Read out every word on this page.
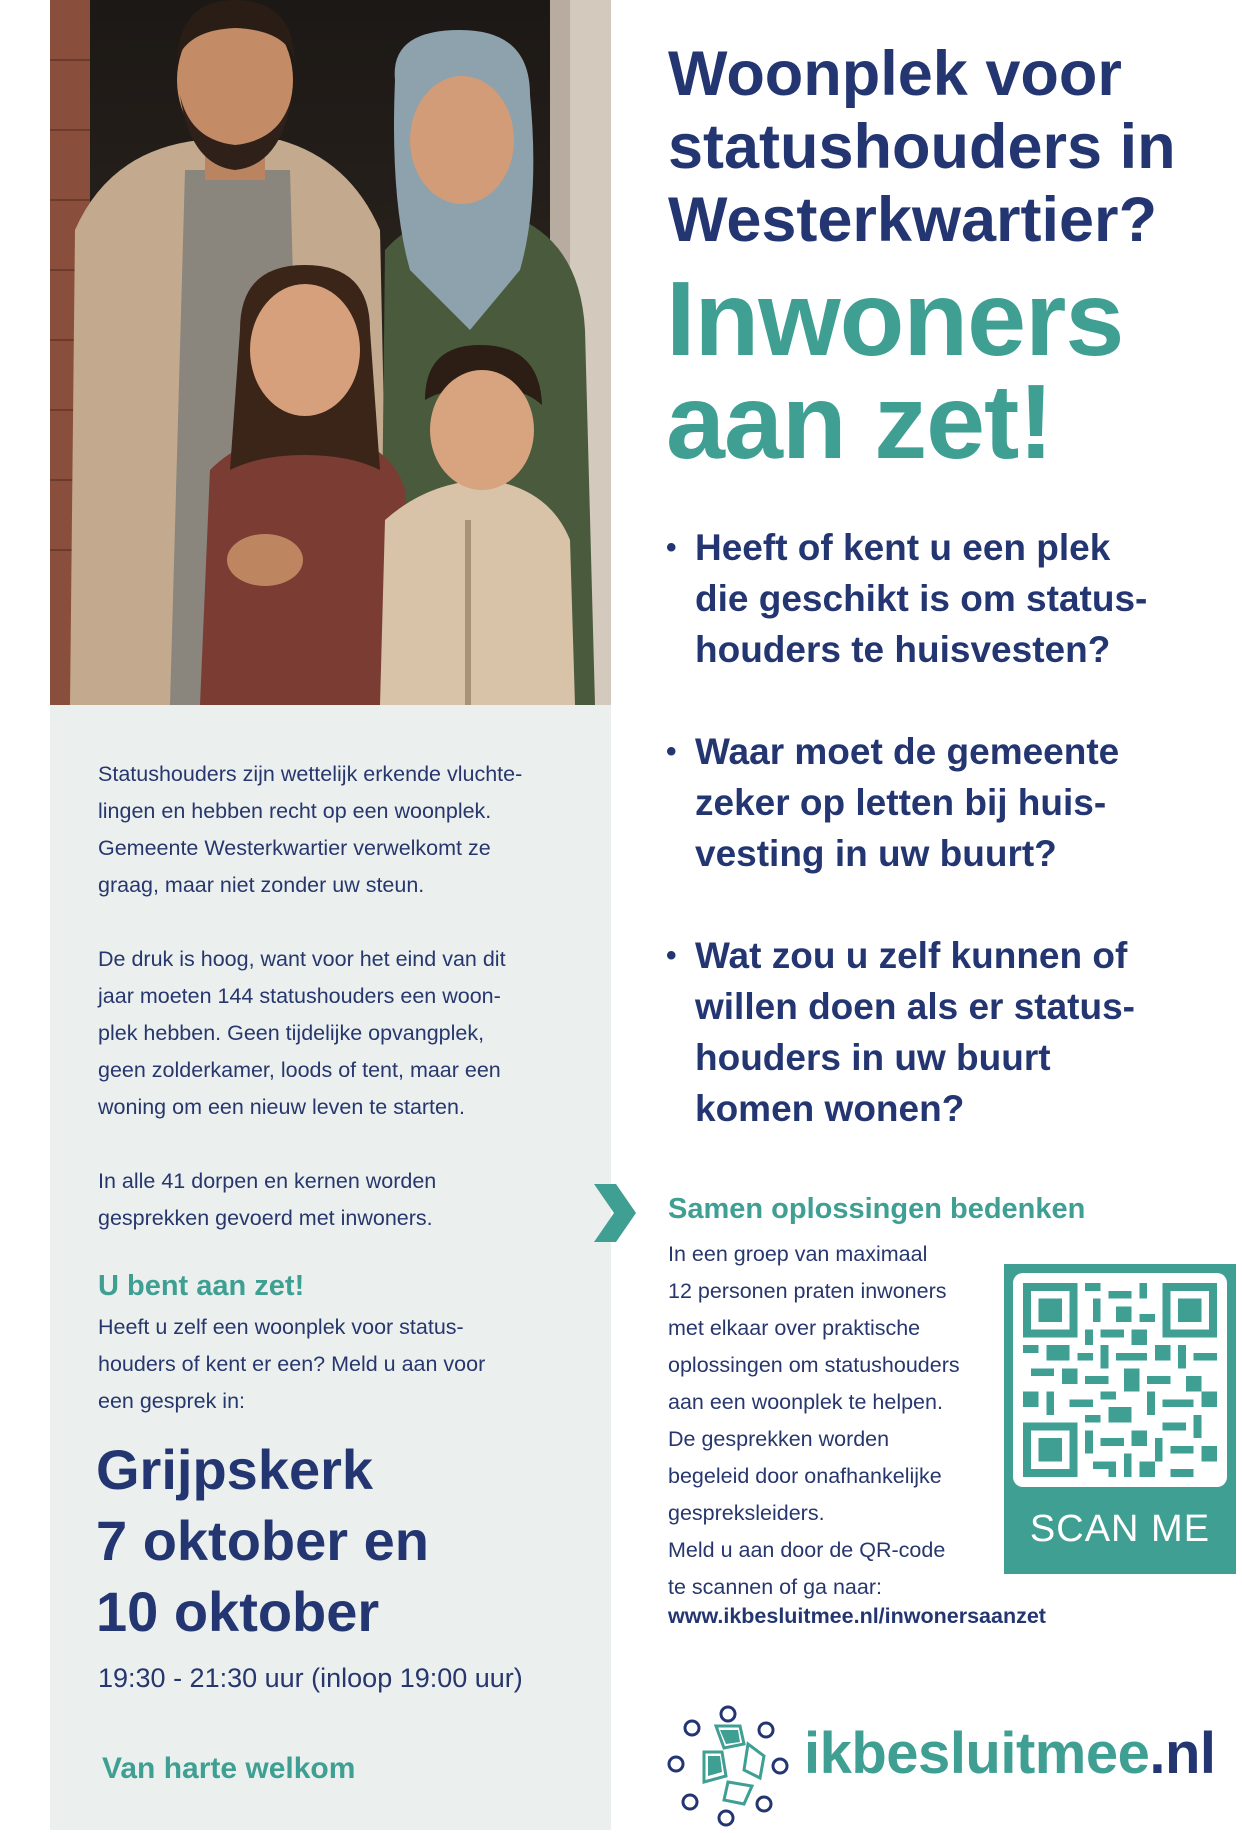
Statushouders zijn wettelijk erkende vluchte-
lingen en hebben recht op een woonplek.
Gemeente Westerkwartier verwelkomt ze
graag, maar niet zonder uw steun.
De druk is hoog, want voor het eind van dit
jaar moeten 144 statushouders een woon-
plek hebben. Geen tijdelijke opvangplek,
geen zolderkamer, loods of tent, maar een
woning om een nieuw leven te starten.
In alle 41 dorpen en kernen worden
gesprekken gevoerd met inwoners.
U bent aan zet!
Heeft u zelf een woonplek voor status-
houders of kent er een? Meld u aan voor
een gesprek in:
Grijpskerk
7 oktober en
10 oktober
19:30 - 21:30 uur (inloop 19:00 uur)
Van harte welkom
Woonplek voor
statushouders in
Westerkwartier?
Inwoners
aan zet!
• Heeft of kent u een plek
die geschikt is om status-
houders te huisvesten?
• Waar moet de gemeente
zeker op letten bij huis-
vesting in uw buurt?
• Wat zou u zelf kunnen of
willen doen als er status-
houders in uw buurt
komen wonen?
Samen oplossingen bedenken
In een groep van maximaal
12 personen praten inwoners
met elkaar over praktische
oplossingen om statushouders
aan een woonplek te helpen.
De gesprekken worden
begeleid door onafhankelijke
gespreksleiders.
Meld u aan door de QR-code
te scannen of ga naar:
www.ikbesluitmee.nl/inwonersaanzet
SCAN ME
ikbesluitmee.nl
